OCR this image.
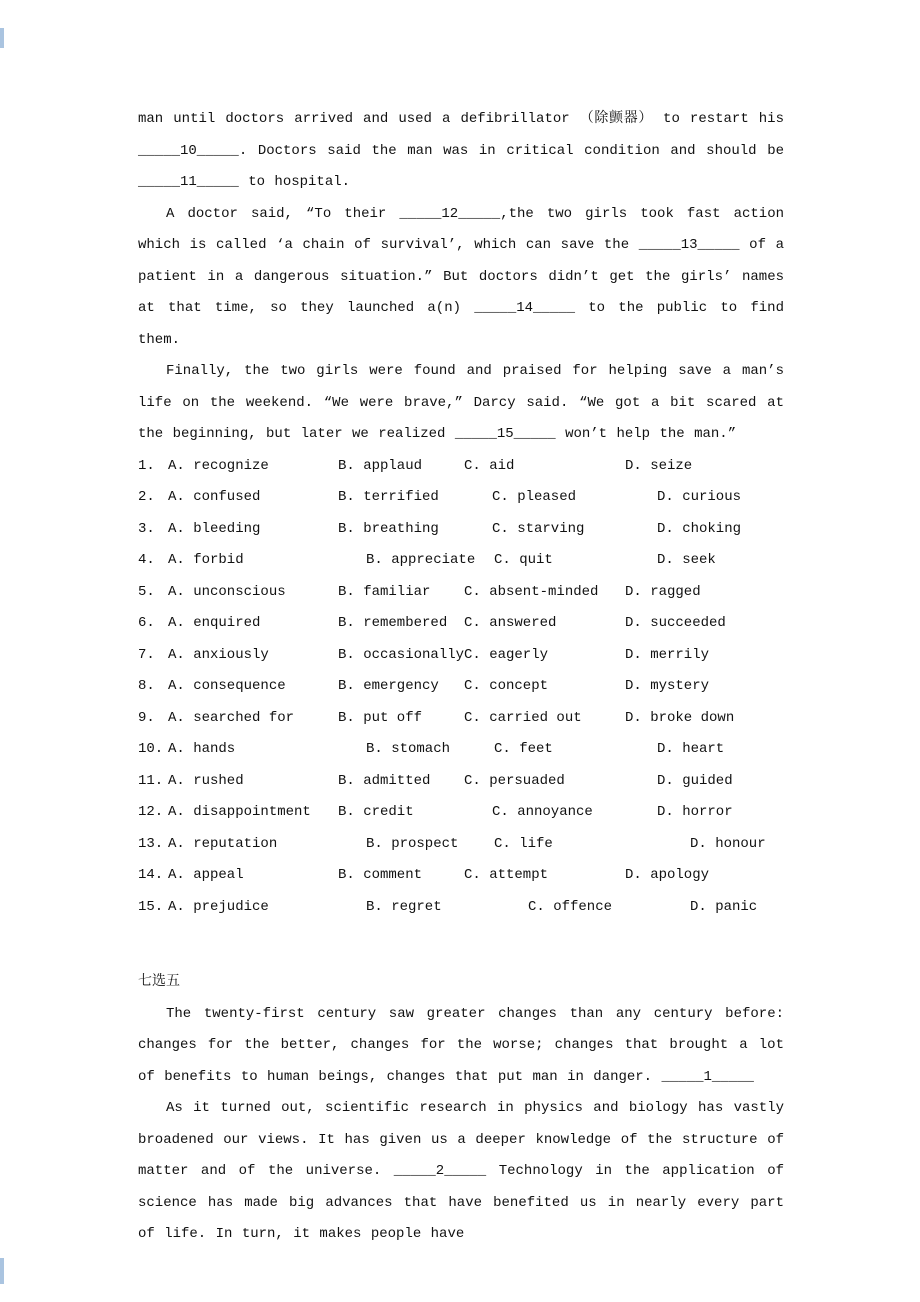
man until doctors arrived and used a defibrillator （除颤器） to restart his _____10_____. Doctors said the man was in critical condition and should be _____11_____ to hospital.

A doctor said, “To their _____12_____,the two girls took fast action which is called ‘a chain of survival’, which can save the _____13_____ of a patient in a dangerous situation.” But doctors didn’t get the girls’ names at that time, so they launched a(n) _____14_____ to the public to find them.

Finally, the two girls were found and praised for helping save a man’s life on the weekend. “We were brave,” Darcy said. “We got a bit scared at the beginning, but later we realized _____15_____ won’t help the man.”

1. A. recognize	B. applaud	C. aid	D. seize
2. A. confused	B. terrified	C. pleased	D. curious
3. A. bleeding	B. breathing	C. starving	D. choking
4. A. forbid	B. appreciate	C. quit	D. seek
5. A. unconscious	B. familiar	C. absent-minded	D. ragged
6. A. enquired	B. remembered	C. answered	D. succeeded
7. A. anxiously	B. occasionally C. eagerly	D. merrily
8. A. consequence	B. emergency	C. concept	D. mystery
9. A. searched for	B. put off	C. carried out	D. broke down
10. A. hands	B. stomach	C. feet	D. heart
11. A. rushed	B. admitted	C. persuaded	D. guided
12. A. disappointment	B. credit	C. annoyance	D. horror
13. A. reputation	B. prospect	C. life	D. honour
14. A. appeal	B. comment	C. attempt	D. apology
15. A. prejudice	B. regret	C. offence	D. panic
七选五

The twenty-first century saw greater changes than any century before: changes for the better, changes for the worse; changes that brought a lot of benefits to human beings, changes that put man in danger. _____1_____

As it turned out, scientific research in physics and biology has vastly broadened our views. It has given us a deeper knowledge of the structure of matter and of the universe. _____2_____ Technology in the application of science has made big advances that have benefited us in nearly every part of life. In turn, it makes people have
